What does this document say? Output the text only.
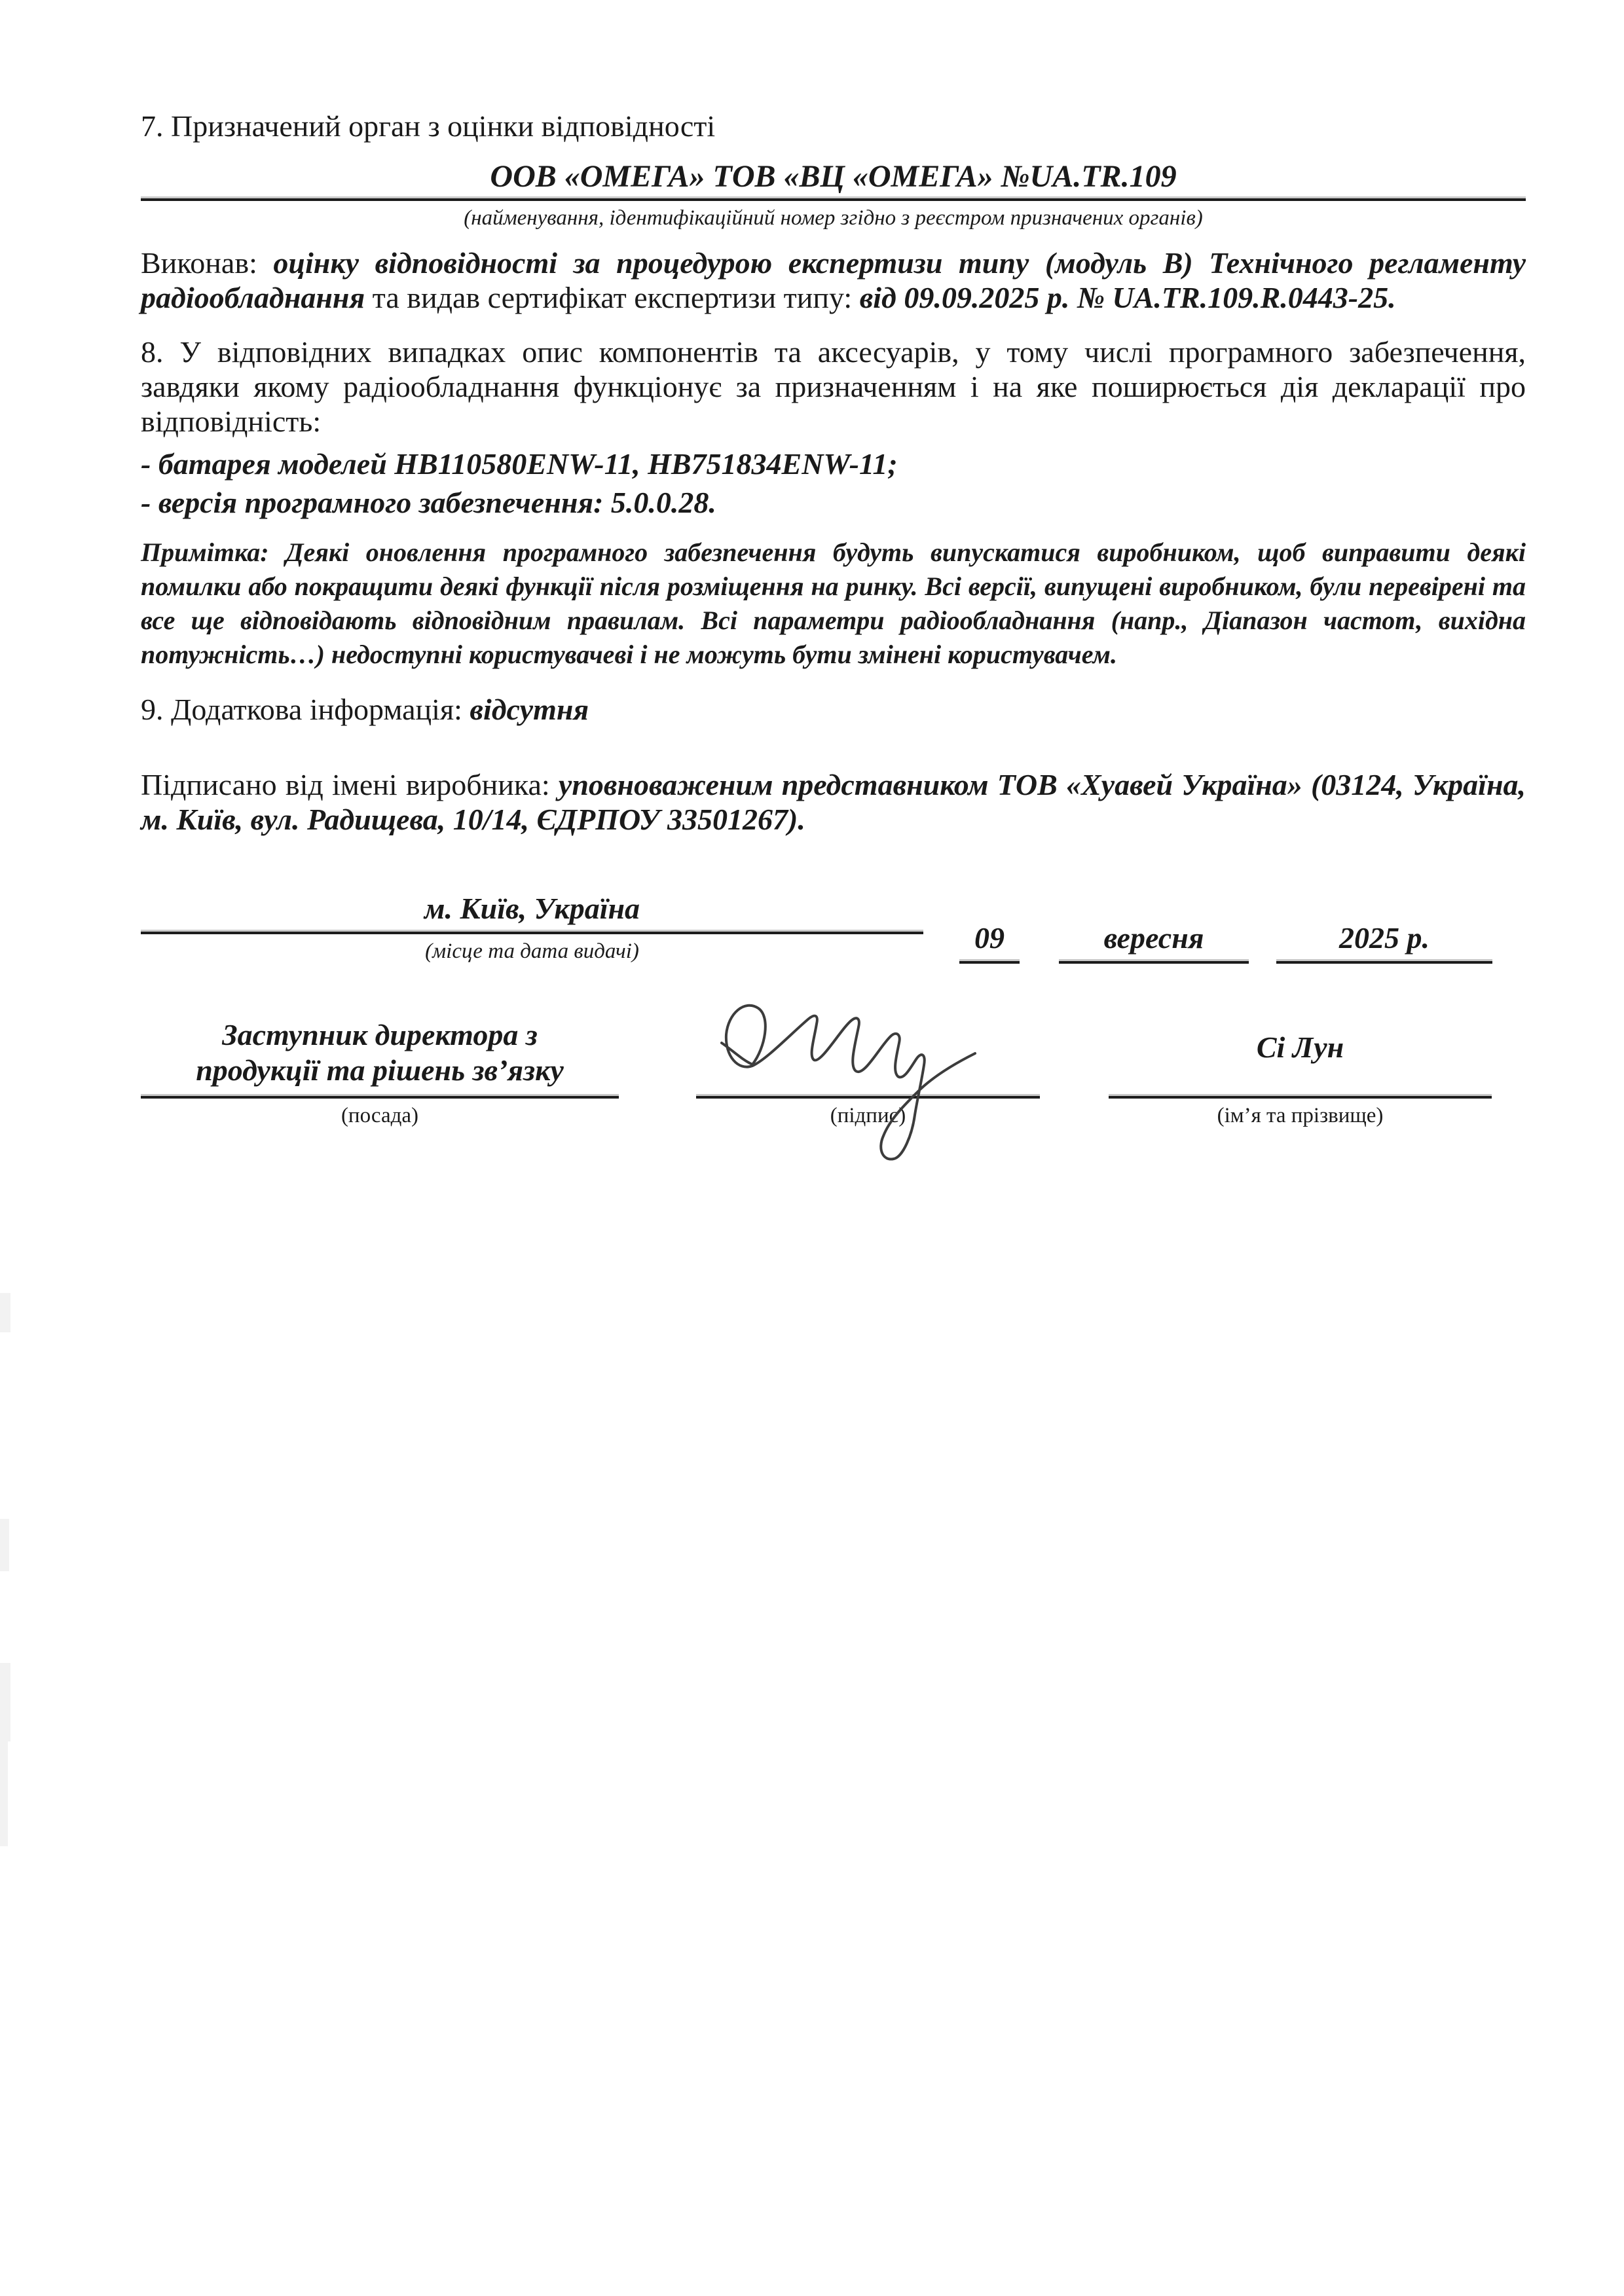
7. Призначений орган з оцінки відповідності
ООВ «ОМЕГА» ТОВ «ВЦ «ОМЕГА» №UA.TR.109
(найменування, ідентифікаційний номер згідно з реєстром призначених органів)

Виконав: оцінку відповідності за процедурою експертизи типу (модуль В) Технічного регламенту радіообладнання та видав сертифікат експертизи типу: від 09.09.2025 р. № UA.TR.109.R.0443-25.

8. У відповідних випадках опис компонентів та аксесуарів, у тому числі програмного забезпечення, завдяки якому радіообладнання функціонує за призначенням і на яке поширюється дія декларації про відповідність:

- батарея моделей HB110580ENW-11, HB751834ENW-11;
- версія програмного забезпечення: 5.0.0.28.

Примітка: Деякі оновлення програмного забезпечення будуть випускатися виробником, щоб виправити деякі помилки або покращити деякі функції після розміщення на ринку. Всі версії, випущені виробником, були перевірені та все ще відповідають відповідним правилам. Всі параметри радіообладнання (напр., Діапазон частот, вихідна потужність…) недоступні користувачеві і не можуть бути змінені користувачем.

9. Додаткова інформація: відсутня

Підписано від імені виробника: уповноваженим представником ТОВ «Хуавей Україна» (03124, Україна, м. Київ, вул. Радищева, 10/14, ЄДРПОУ 33501267).

м. Київ, Україна
(місце та дата видачі)	09	вересня	2025 р.
Заступник директора з
продукції та рішень зв’язку
(посада)	(підпис)
Сі Лун
(ім’я та прізвище)
